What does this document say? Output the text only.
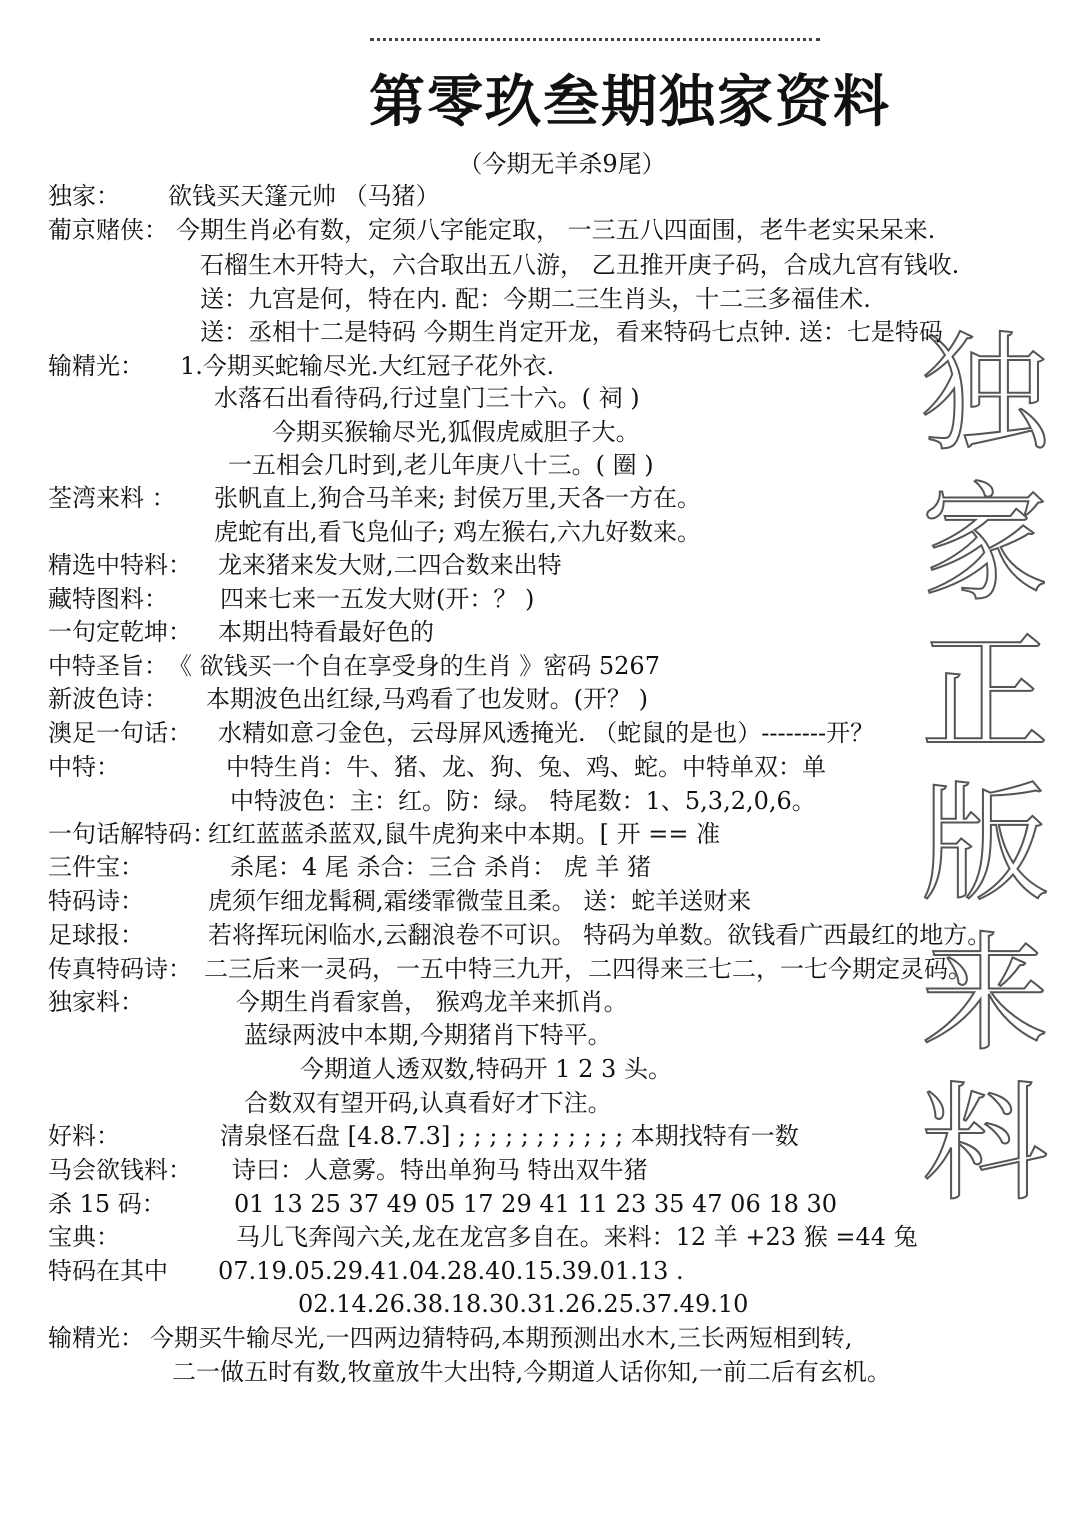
第零玖叁期独家资料
（今期无羊杀9尾）
独
家
正
版
来
料
独家： 欲钱买天篷元帅 （马猪）
葡京赌侠： 今期生肖必有数，定须八字能定取， 一三五八四面围，老牛老实呆呆来.
石榴生木开特大，六合取出五八游， 乙丑推开庚子码，合成九宫有钱收.
送：九宫是何，特在内. 配：今期二三生肖头，十二三多福佳术.
送：丞相十二是特码 今期生肖定开龙，看来特码七点钟. 送：七是特码
输精光： 1.今期买蛇输尽光.大红冠子花外衣.
水落石出看待码,行过皇门三十六。( 祠 )
今期买猴输尽光,狐假虎威胆子大。
一五相会几时到,老儿年庚八十三。( 圈 )
荃湾来料 ： 张帆直上,狗合马羊来; 封侯万里,天各一方在。
虎蛇有出,看飞凫仙子; 鸡左猴右,六九好数来。
精选中特料： 龙来猪来发大财,二四合数来出特
藏特图料： 四来七来一五发大财(开：？ )
一句定乾坤： 本期出特看最好色的
中特圣旨： 《 欲钱买一个自在享受身的生肖 》密码 5267
新波色诗： 本期波色出红绿,马鸡看了也发财。(开？ )
澳足一句话： 水精如意刁金色，云母屏风透掩光. （蛇鼠的是也）--------开？
中特：	中特生肖：牛、猪、龙、狗、兔、鸡、蛇。中特单双：单
中特波色：主：红。防：绿。 特尾数：1、5,3,2,0,6。
一句话解特码：
红红蓝蓝杀蓝双,鼠牛虎狗来中本期。[ 开 == 准
三件宝：	杀尾：4 尾 杀合：三合 杀肖： 虎 羊 猪
特码诗：	虎须乍细龙髯稠,霜缕霏微莹且柔。 送：蛇羊送财来
足球报：	若将挥玩闲临水,云翻浪卷不可识。 特码为单数。欲钱看广西最红的地方。
传真特码诗： 二三后来一灵码，一五中特三九开，二四得来三七二，一七今期定灵码。
独家料：	今期生肖看家兽， 猴鸡龙羊来抓肖。
蓝绿两波中本期,今期猪肖下特平。
今期道人透双数,特码开 1 2 3 头。
合数双有望开码,认真看好才下注。
好料：	清泉怪石盘 [4.8.7.3] ; ; ; ; ; ; ; ; ; ; ; 本期找特有一数
马会欲钱料： 诗曰：人意雾。特出单狗马 特出双牛猪
杀 15 码：	01 13 25 37 49 05 17 29 41 11 23 35 47 06 18 30
宝典：	马儿飞奔闯六关,龙在龙宫多自在。来料：12 羊 +23 猴 =44 兔
特码在其中 07.19.05.29.41.04.28.40.15.39.01.13 .
02.14.26.38.18.30.31.26.25.37.49.10
输精光： 今期买牛输尽光,一四两边猜特码,本期预测出水木,三长两短相到转,
二一做五时有数,牧童放牛大出特,今期道人话你知,一前二后有玄机。
